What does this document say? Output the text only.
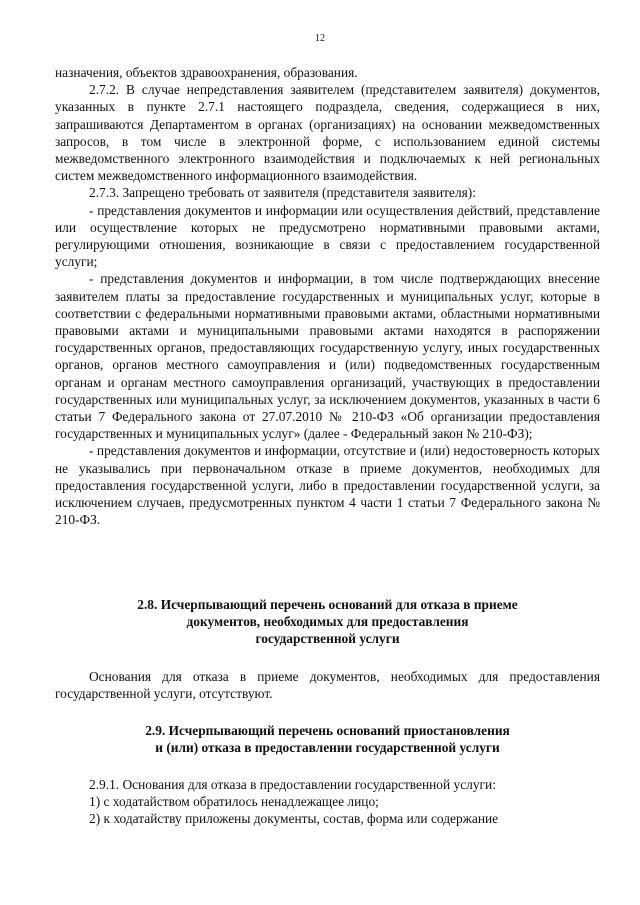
12

назначения, объектов здравоохранения, образования.

2.7.2. В случае непредставления заявителем (представителем заявителя) документов, указанных в пункте 2.7.1 настоящего подраздела, сведения, содержащиеся в них, запрашиваются Департаментом в органах (организациях) на основании межведомственных запросов, в том числе в электронной форме, с использованием единой системы межведомственного электронного взаимодействия и подключаемых к ней региональных систем межведомственного информационного взаимодействия.

2.7.3. Запрещено требовать от заявителя (представителя заявителя):

- представления документов и информации или осуществления действий, представление или осуществление которых не предусмотрено нормативными правовыми актами, регулирующими отношения, возникающие в связи с предоставлением государственной услуги;

- представления документов и информации, в том числе подтверждающих внесение заявителем платы за предоставление государственных и муниципальных услуг, которые в соответствии с федеральными нормативными правовыми актами, областными нормативными правовыми актами и муниципальными правовыми актами находятся в распоряжении государственных органов, предоставляющих государственную услугу, иных государственных органов, органов местного самоуправления и (или) подведомственных государственным органам и органам местного самоуправления организаций, участвующих в предоставлении государственных или муниципальных услуг, за исключением документов, указанных в части 6 статьи 7 Федерального закона от 27.07.2010 № 210-ФЗ «Об организации предоставления государственных и муниципальных услуг» (далее - Федеральный закон № 210-ФЗ);

- представления документов и информации, отсутствие и (или) недостоверность которых не указывались при первоначальном отказе в приеме документов, необходимых для предоставления государственной услуги, либо в предоставлении государственной услуги, за исключением случаев, предусмотренных пунктом 4 части 1 статьи 7 Федерального закона № 210-ФЗ.

2.8. Исчерпывающий перечень оснований для отказа в приеме
документов, необходимых для предоставления
государственной услуги

Основания для отказа в приеме документов, необходимых для предоставления государственной услуги, отсутствуют.

2.9. Исчерпывающий перечень оснований приостановления
и (или) отказа в предоставлении государственной услуги

2.9.1. Основания для отказа в предоставлении государственной услуги:

1) с ходатайством обратилось ненадлежащее лицо;

2) к ходатайству приложены документы, состав, форма или содержание
